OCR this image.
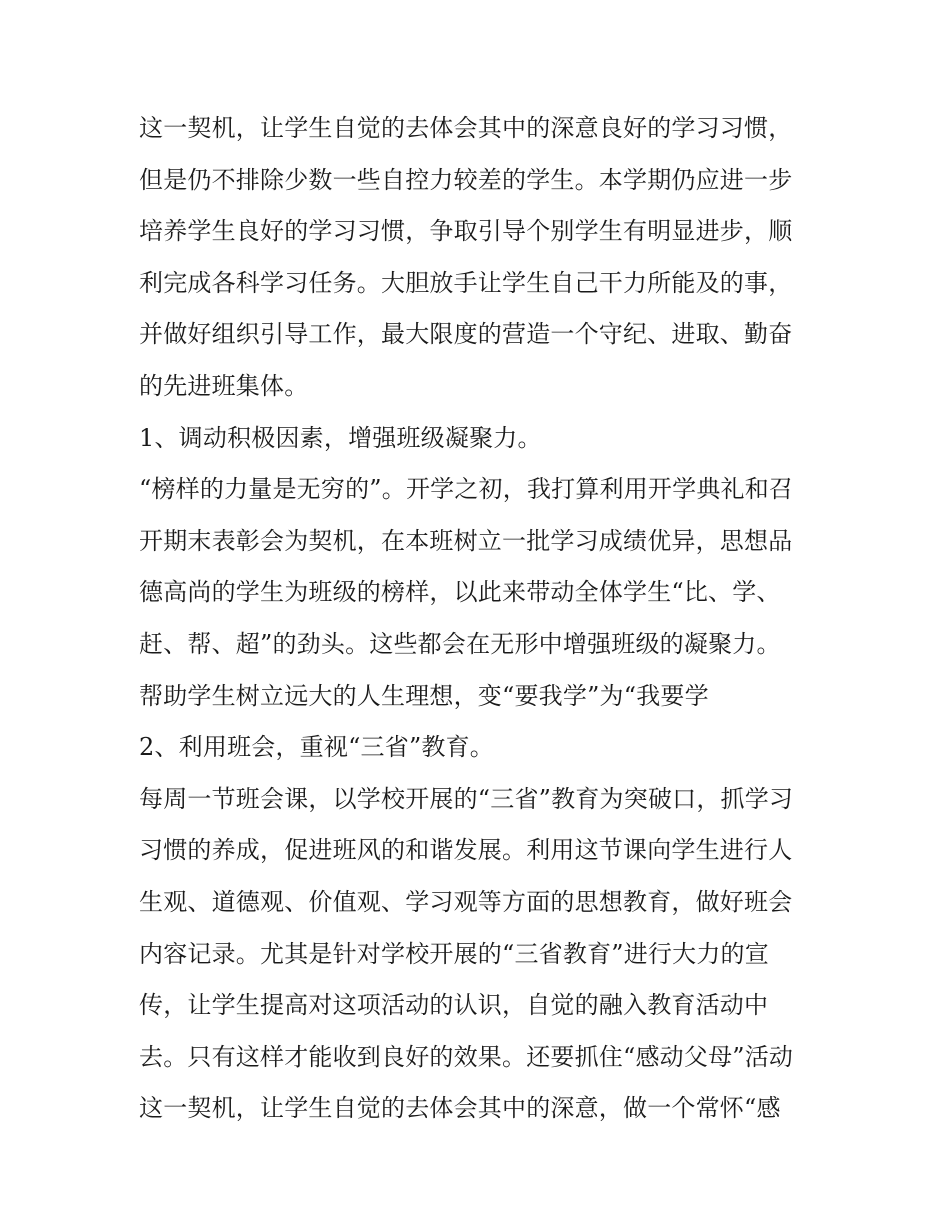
这一契机，让学生自觉的去体会其中的深意良好的学习习惯，
但是仍不排除少数一些自控力较差的学生。本学期仍应进一步
培养学生良好的学习习惯，争取引导个别学生有明显进步，顺
利完成各科学习任务。大胆放手让学生自己干力所能及的事，
并做好组织引导工作，最大限度的营造一个守纪、进取、勤奋
的先进班集体。
1、调动积极因素，增强班级凝聚力。
“榜样的力量是无穷的”。开学之初，我打算利用开学典礼和召
开期末表彰会为契机，在本班树立一批学习成绩优异，思想品
德高尚的学生为班级的榜样，以此来带动全体学生“比、学、
赶、帮、超”的劲头。这些都会在无形中增强班级的凝聚力。
帮助学生树立远大的人生理想，变“要我学”为“我要学
2、利用班会，重视“三省”教育。
每周一节班会课，以学校开展的“三省”教育为突破口，抓学习
习惯的养成，促进班风的和谐发展。利用这节课向学生进行人
生观、道德观、价值观、学习观等方面的思想教育，做好班会
内容记录。尤其是针对学校开展的“三省教育”进行大力的宣
传，让学生提高对这项活动的认识，自觉的融入教育活动中
去。只有这样才能收到良好的效果。还要抓住“感动父母”活动
这一契机，让学生自觉的去体会其中的深意，做一个常怀“感
